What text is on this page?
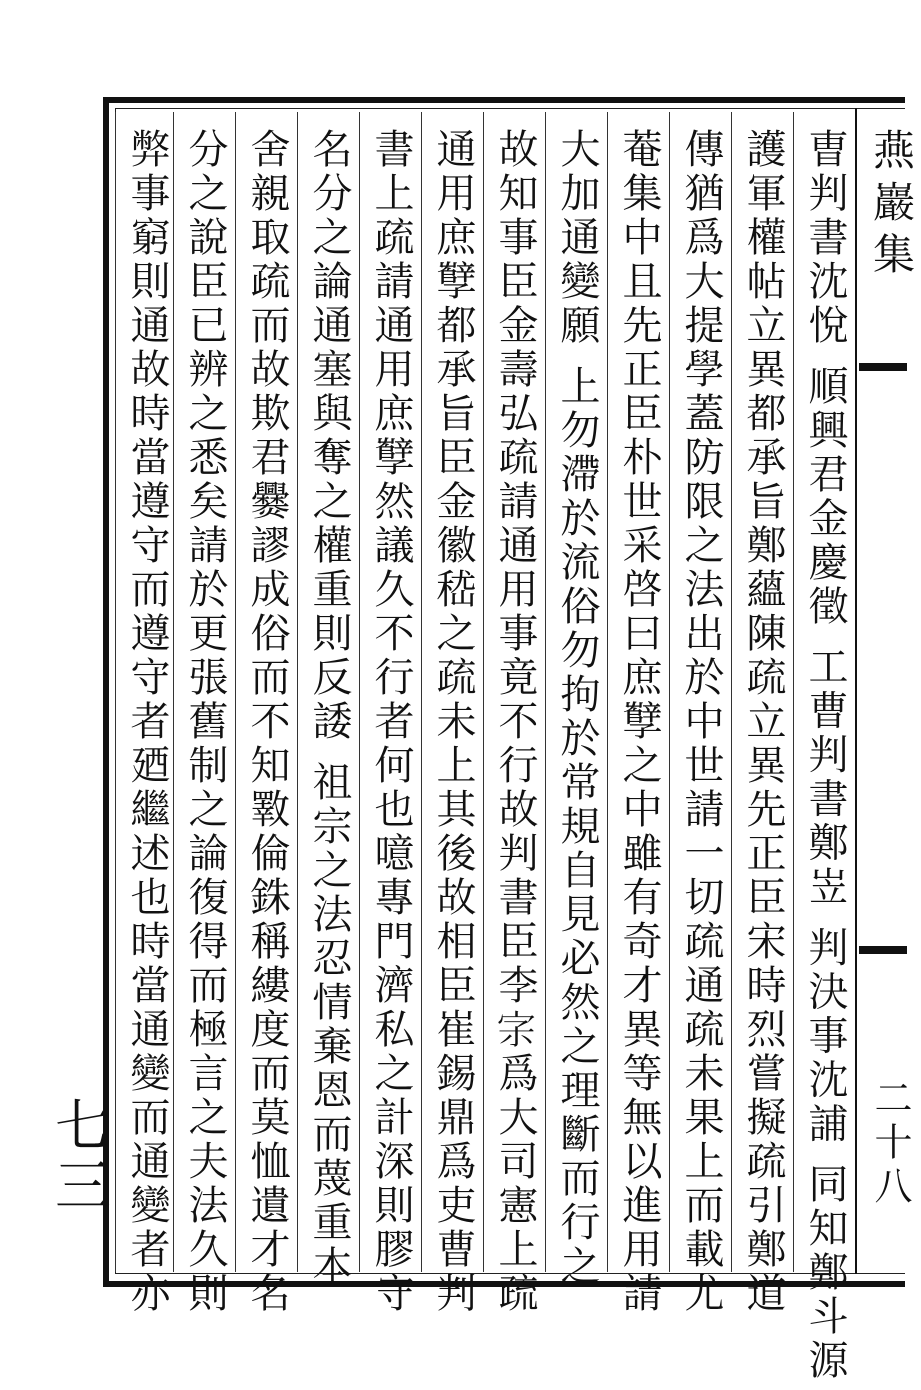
燕巖集
二十八
曺判書沈悅 順興君金慶徵 工曹判書鄭岦 判決事沈誧 同知鄭斗源
護軍權帖立異都承旨鄭蘊陳疏立異先正臣宋時烈嘗擬疏引鄭道
傳猶爲大提學蓋防限之法出於中世請一切疏通疏未果上而載尤
菴集中且先正臣朴世采啓曰庶孼之中雖有奇才異等無以進用請
大加通變願 上勿滯於流俗勿拘於常規自見必然之理斷而行之
故知事臣金壽弘疏請通用事竟不行故判書臣李𡧖爲大司憲上疏
通用庶孼都承旨臣金徽嵇之疏未上其後故相臣崔錫鼎爲吏曹判
書上疏請通用庶孼然議久不行者何也噫專門濟私之計深則膠守
名分之論通塞與奪之權重則反諉 祖宗之法忍情棄恩而蔑重本
舍親取疏而故欺君爨謬成俗而不知斁倫銖稱縷度而莫恤遺才名
分之說臣已辨之悉矣請於更張舊制之論復得而極言之夫法久則
弊事窮則通故時當遵守而遵守者廼繼述也時當通變而通變者亦
七三
